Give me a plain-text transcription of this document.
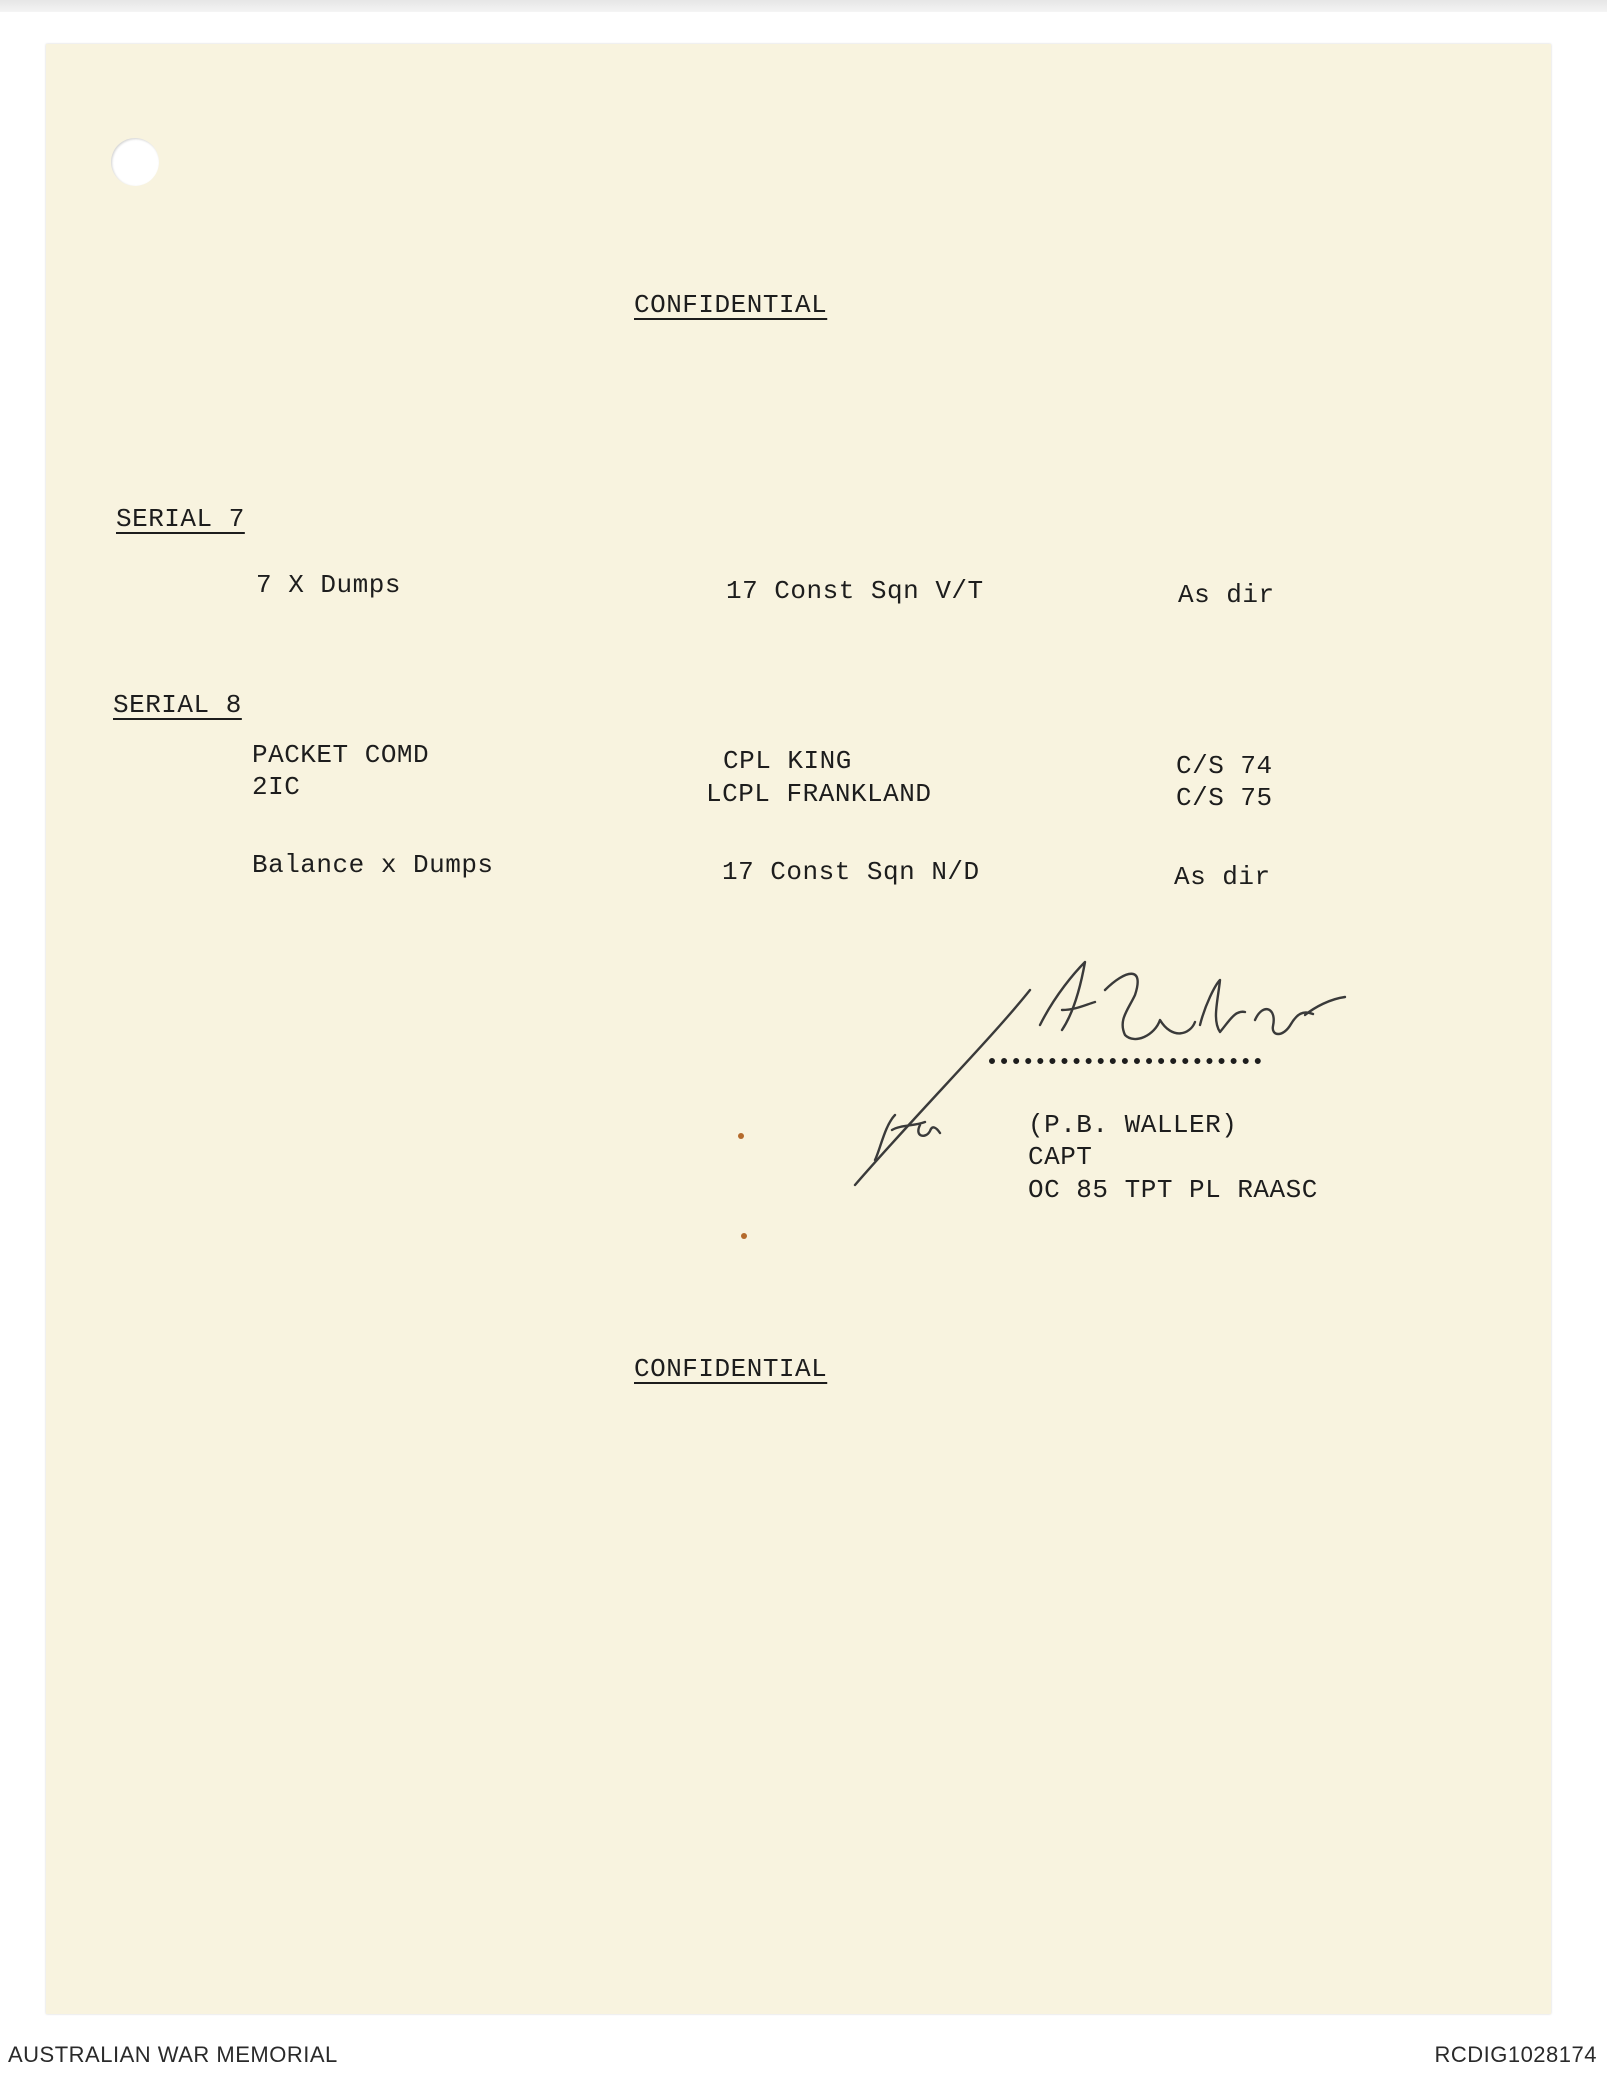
CONFIDENTIAL
SERIAL 7
7 X Dumps	17 Const Sqn V/T	As dir
SERIAL 8
PACKET COMD	CPL KING	C/S 74
2IC	LCPL FRANKLAND	C/S 75
Balance x Dumps	17 Const Sqn N/D	As dir
(P.B. WALLER)
CAPT
OC 85 TPT PL RAASC
CONFIDENTIAL
AUSTRALIAN WAR MEMORIAL	RCDIG1028174
